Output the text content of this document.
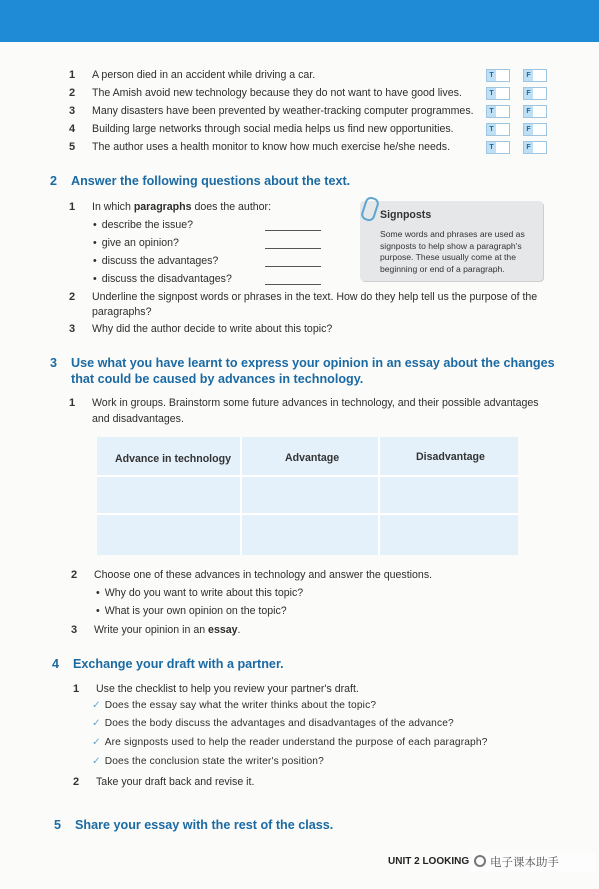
1 A person died in an accident while driving a car.	T	F
2 The Amish avoid new technology because they do not want to have good lives.	T	F
3 Many disasters have been prevented by weather-tracking computer programmes.	T	F
4 Building large networks through social media helps us find new opportunities.	T	F
5 The author uses a health monitor to know how much exercise he/she needs.	T	F
2 Answer the following questions about the text.
1 In which paragraphs does the author:
• describe the issue?
• give an opinion?
• discuss the advantages?
• discuss the disadvantages?
Signposts
Some words and phrases are used as signposts to help show a paragraph's purpose. These usually come at the beginning or end of a paragraph.
2 Underline the signpost words or phrases in the text. How do they help tell us the purpose of the
paragraphs?
3 Why did the author decide to write about this topic?
3 Use what you have learnt to express your opinion in an essay about the changes
that could be caused by advances in technology.
1 Work in groups. Brainstorm some future advances in technology, and their possible advantages
and disadvantages.
Advance in technology	Advantage	Disadvantage
2 Choose one of these advances in technology and answer the questions.
• Why do you want to write about this topic?
• What is your own opinion on the topic?
3 Write your opinion in an essay.
4 Exchange your draft with a partner.
1 Use the checklist to help you review your partner's draft.
✓ Does the essay say what the writer thinks about the topic?
✓ Does the body discuss the advantages and disadvantages of the advance?
✓ Are signposts used to help the reader understand the purpose of each paragraph?
✓ Does the conclusion state the writer's position?
2 Take your draft back and revise it.
5 Share your essay with the rest of the class.
UNIT 2 LOOKING 电子课本助手
